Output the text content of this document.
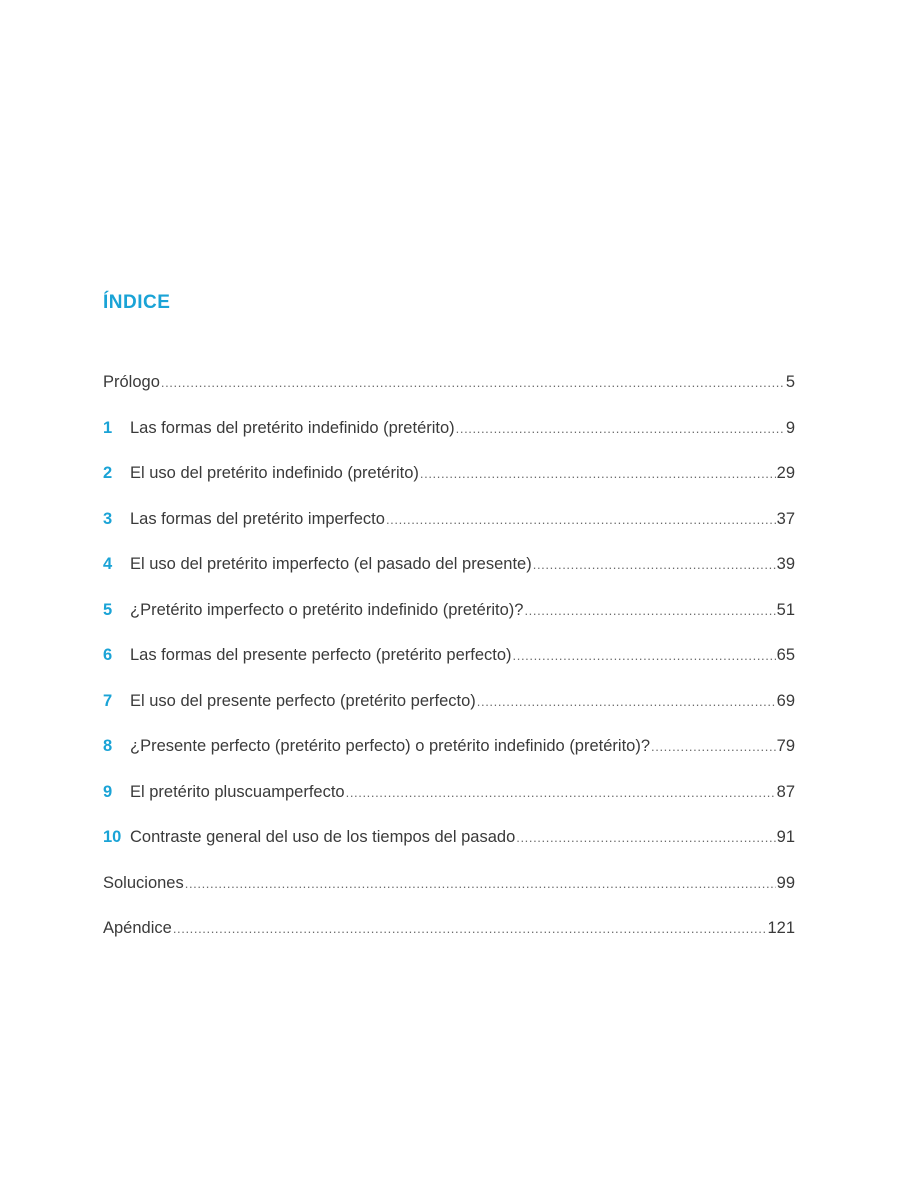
ÍNDICE
Prólogo .....	5
1	Las formas del pretérito indefinido (pretérito) .....	9
2	El uso del pretérito indefinido (pretérito) .....	29
3	Las formas del pretérito imperfecto .....	37
4	El uso del pretérito imperfecto (el pasado del presente) .....	39
5	¿Pretérito imperfecto o pretérito indefinido (pretérito)? .....	51
6	Las formas del presente perfecto (pretérito perfecto) .....	65
7	El uso del presente perfecto (pretérito perfecto) .....	69
8	¿Presente perfecto (pretérito perfecto) o pretérito indefinido (pretérito)? .....	79
9	El pretérito pluscuamperfecto .....	87
10 Contraste general del uso de los tiempos del pasado .....	91
Soluciones .....	99
Apéndice .....	121
